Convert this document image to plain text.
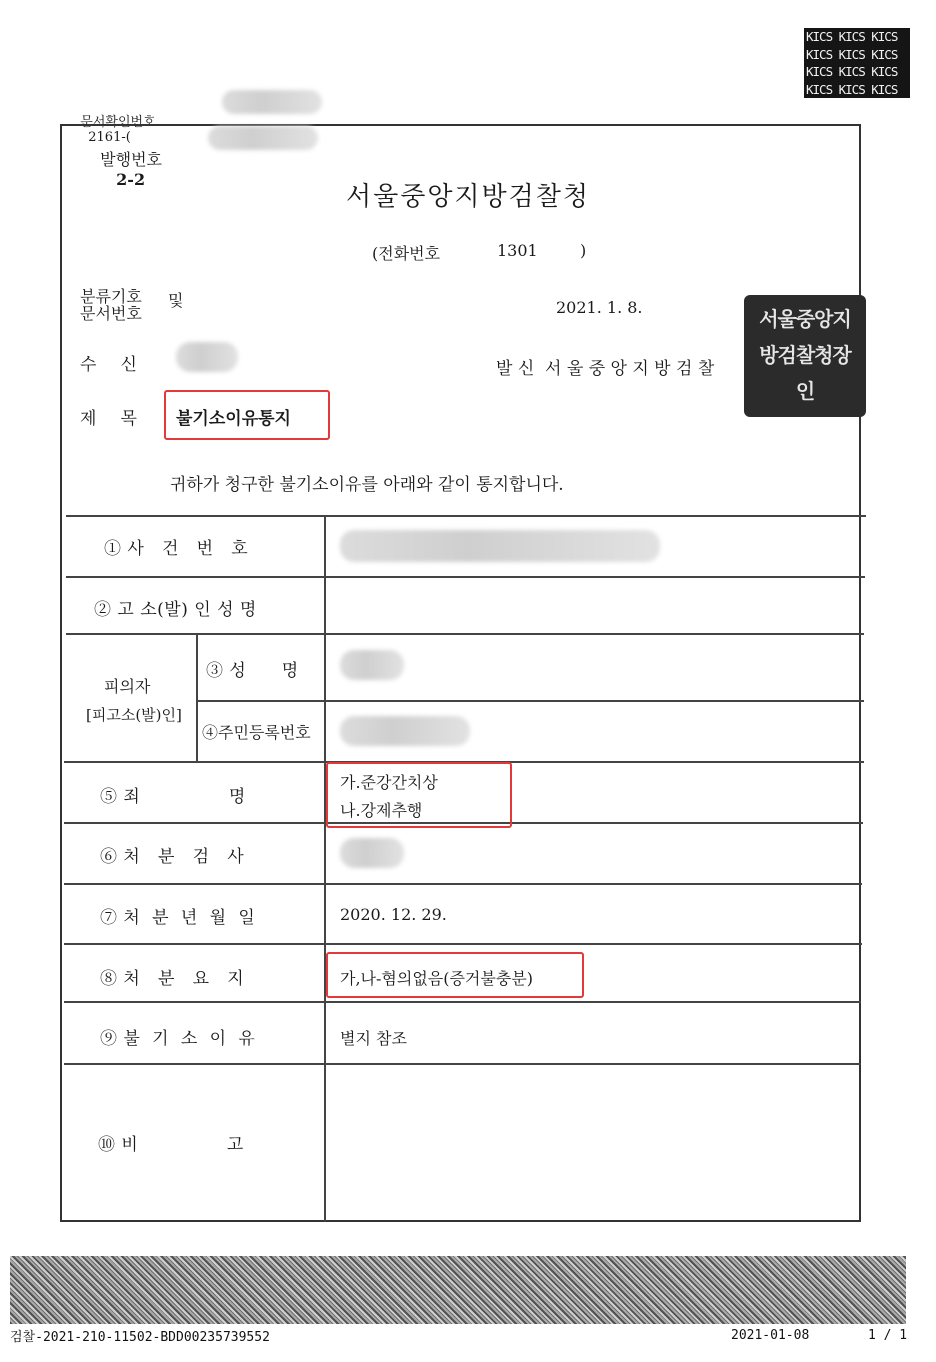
KICS KICS KICS
KICS KICS KICS
KICS KICS KICS
KICS KICS KICS

문서확인번호
2161-(

발행번호
2-2

서울중앙지방검찰청
(전화번호	1301	)
분류기호
문서번호
및	2021. 1. 8.
수    신	발 신  서 울 중 앙 지 방 검 찰
서울중앙지방검찰청장인
제    목 불기소이유통지
귀하가 청구한 불기소이유를 아래와 같이 통지합니다.
① 사   건   번   호
② 고 소(발) 인 성 명
피의자
[피고소(발)인]
③ 성      명
④주민등록번호
⑤ 죄               명
가.준강간치상
나.강제추행
⑥ 처   분   검   사
⑦ 처  분  년  월  일	2020. 12. 29.
⑧ 처   분   요   지	가,나-혐의없음(증거불충분)
⑨ 불  기  소  이  유	별지 참조
⑩ 비               고
검찰-2021-210-11502-BDD00235739552	2021-01-08	1 / 1
